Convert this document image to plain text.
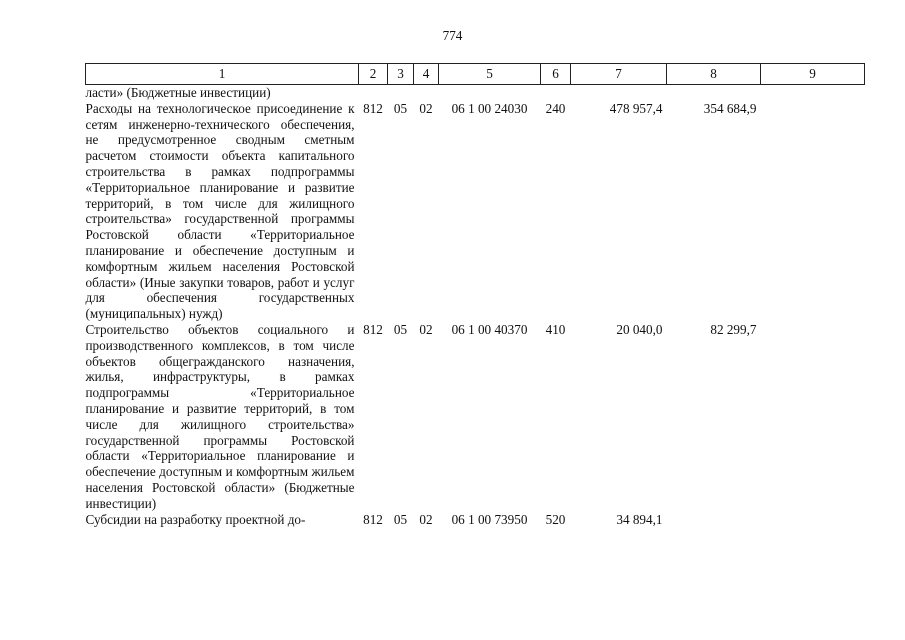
774
1	2	3	4	5	6	7	8	9
ласти» (Бюджетные инвестиции)								
Расходы на технологическое присоединение к сетям инженерно-технического обеспечения, не предусмотренное сводным сметным расчетом стоимости объекта капитального строительства в рамках подпрограммы «Территориальное планирование и развитие территорий, в том числе для жилищного строительства» государственной программы Ростовской области «Территориальное планирование и обеспечение доступным и комфортным жильем населения Ростовской области» (Иные закупки товаров, работ и услуг для обеспечения государственных (муниципальных) нужд)	812	05	02	06 1 00 24030	240	478 957,4	354 684,9	
Строительство объектов социального и производственного комплексов, в том числе объектов общегражданского назначения, жилья, инфраструктуры, в рамках подпрограммы «Территориальное планирование и развитие территорий, в том числе для жилищного строительства» государственной программы Ростовской области «Территориальное планирование и обеспечение доступным и комфортным жильем населения Ростовской области» (Бюджетные инвестиции)	812	05	02	06 1 00 40370	410	20 040,0	82 299,7	
Субсидии на разработку проектной до-	812	05	02	06 1 00 73950	520	34 894,1		
